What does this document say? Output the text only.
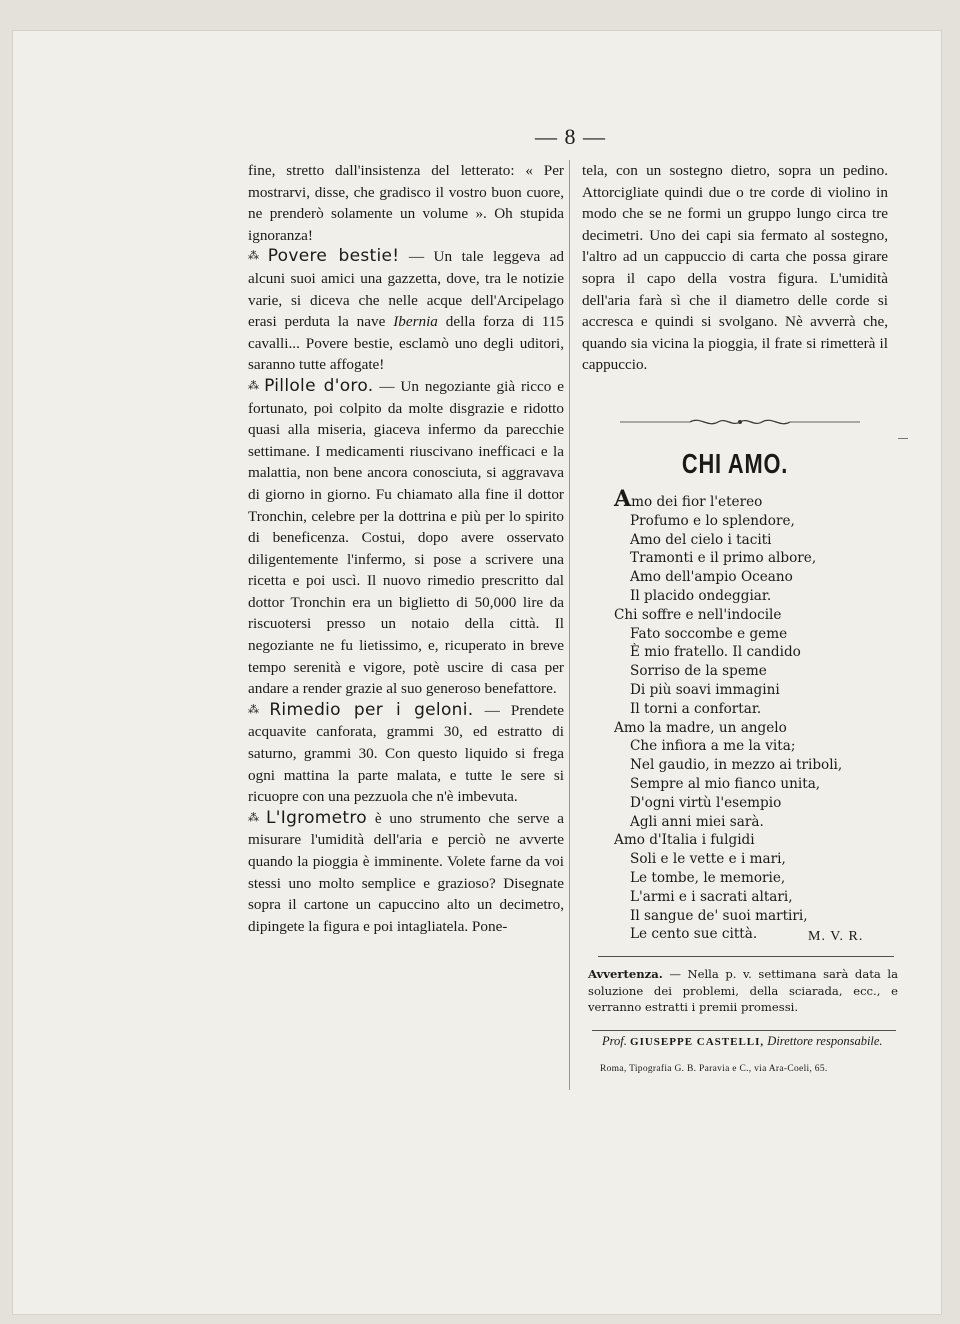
— 8 —

fine, stretto dall'insistenza del letterato: « Per mostrarvi, disse, che gradisco il vostro buon cuore, ne prenderò solamente un volume ». Oh stupida ignoranza!

⁂ Povere bestie! — Un tale leggeva ad alcuni suoi amici una gazzetta, dove, tra le notizie varie, si diceva che nelle acque dell'Arcipelago erasi perduta la nave Ibernia della forza di 115 cavalli... Povere bestie, esclamò uno degli uditori, saranno tutte affogate!

⁂ Pillole d'oro. — Un negoziante già ricco e fortunato, poi colpito da molte disgrazie e ridotto quasi alla miseria, giaceva infermo da parecchie settimane. I medicamenti riuscivano inefficaci e la malattia, non bene ancora conosciuta, si aggravava di giorno in giorno. Fu chiamato alla fine il dottor Tronchin, celebre per la dottrina e più per lo spirito di beneficenza. Costui, dopo avere osservato diligentemente l'infermo, si pose a scrivere una ricetta e poi uscì. Il nuovo rimedio prescritto dal dottor Tronchin era un biglietto di 50,000 lire da riscuotersi presso un notaio della città. Il negoziante ne fu lietissimo, e, ricuperato in breve tempo serenità e vigore, potè uscire di casa per andare a render grazie al suo generoso benefattore.

⁂ Rimedio per i geloni. — Prendete acquavite canforata, grammi 30, ed estratto di saturno, grammi 30. Con questo liquido si frega ogni mattina la parte malata, e tutte le sere si ricuopre con una pezzuola che n'è imbevuta.

⁂ L'Igrometro è uno strumento che serve a misurare l'umidità dell'aria e perciò ne avverte quando la pioggia è imminente. Volete farne da voi stessi uno molto semplice e grazioso? Disegnate sopra il cartone un capuccino alto un decimetro, dipingete la figura e poi intagliatela. Pone-

tela, con un sostegno dietro, sopra un pedino. Attorcigliate quindi due o tre corde di violino in modo che se ne formi un gruppo lungo circa tre decimetri. Uno dei capi sia fermato al sostegno, l'altro ad un cappuccio di carta che possa girare sopra il capo della vostra figura. L'umidità dell'aria farà sì che il diametro delle corde si accresca e quindi si svolgano. Nè avverrà che, quando sia vicina la pioggia, il frate si rimetterà il cappuccio.

CHI AMO.
Amo dei fior l'etereo
Profumo e lo splendore,
Amo del cielo i taciti
Tramonti e il primo albore,
Amo dell'ampio Oceano
Il placido ondeggiar.
Chi soffre e nell'indocile
Fato soccombe e geme
È mio fratello. Il candido
Sorriso de la speme
Di più soavi immagini
Il torni a confortar.
Amo la madre, un angelo
Che infiora a me la vita;
Nel gaudio, in mezzo ai triboli,
Sempre al mio fianco unita,
D'ogni virtù l'esempio
Agli anni miei sarà.
Amo d'Italia i fulgidi
Soli e le vette e i mari,
Le tombe, le memorie,
L'armi e i sacrati altari,
Il sangue de' suoi martiri,
Le cento sue città.	M. V. R.
Avvertenza. — Nella p. v. settimana sarà data la soluzione dei problemi, della sciarada, ecc., e verranno estratti i premii promessi.
Prof. GIUSEPPE CASTELLI, Direttore responsabile.
Roma, Tipografia G. B. Paravia e C., via Ara-Coeli, 65.
